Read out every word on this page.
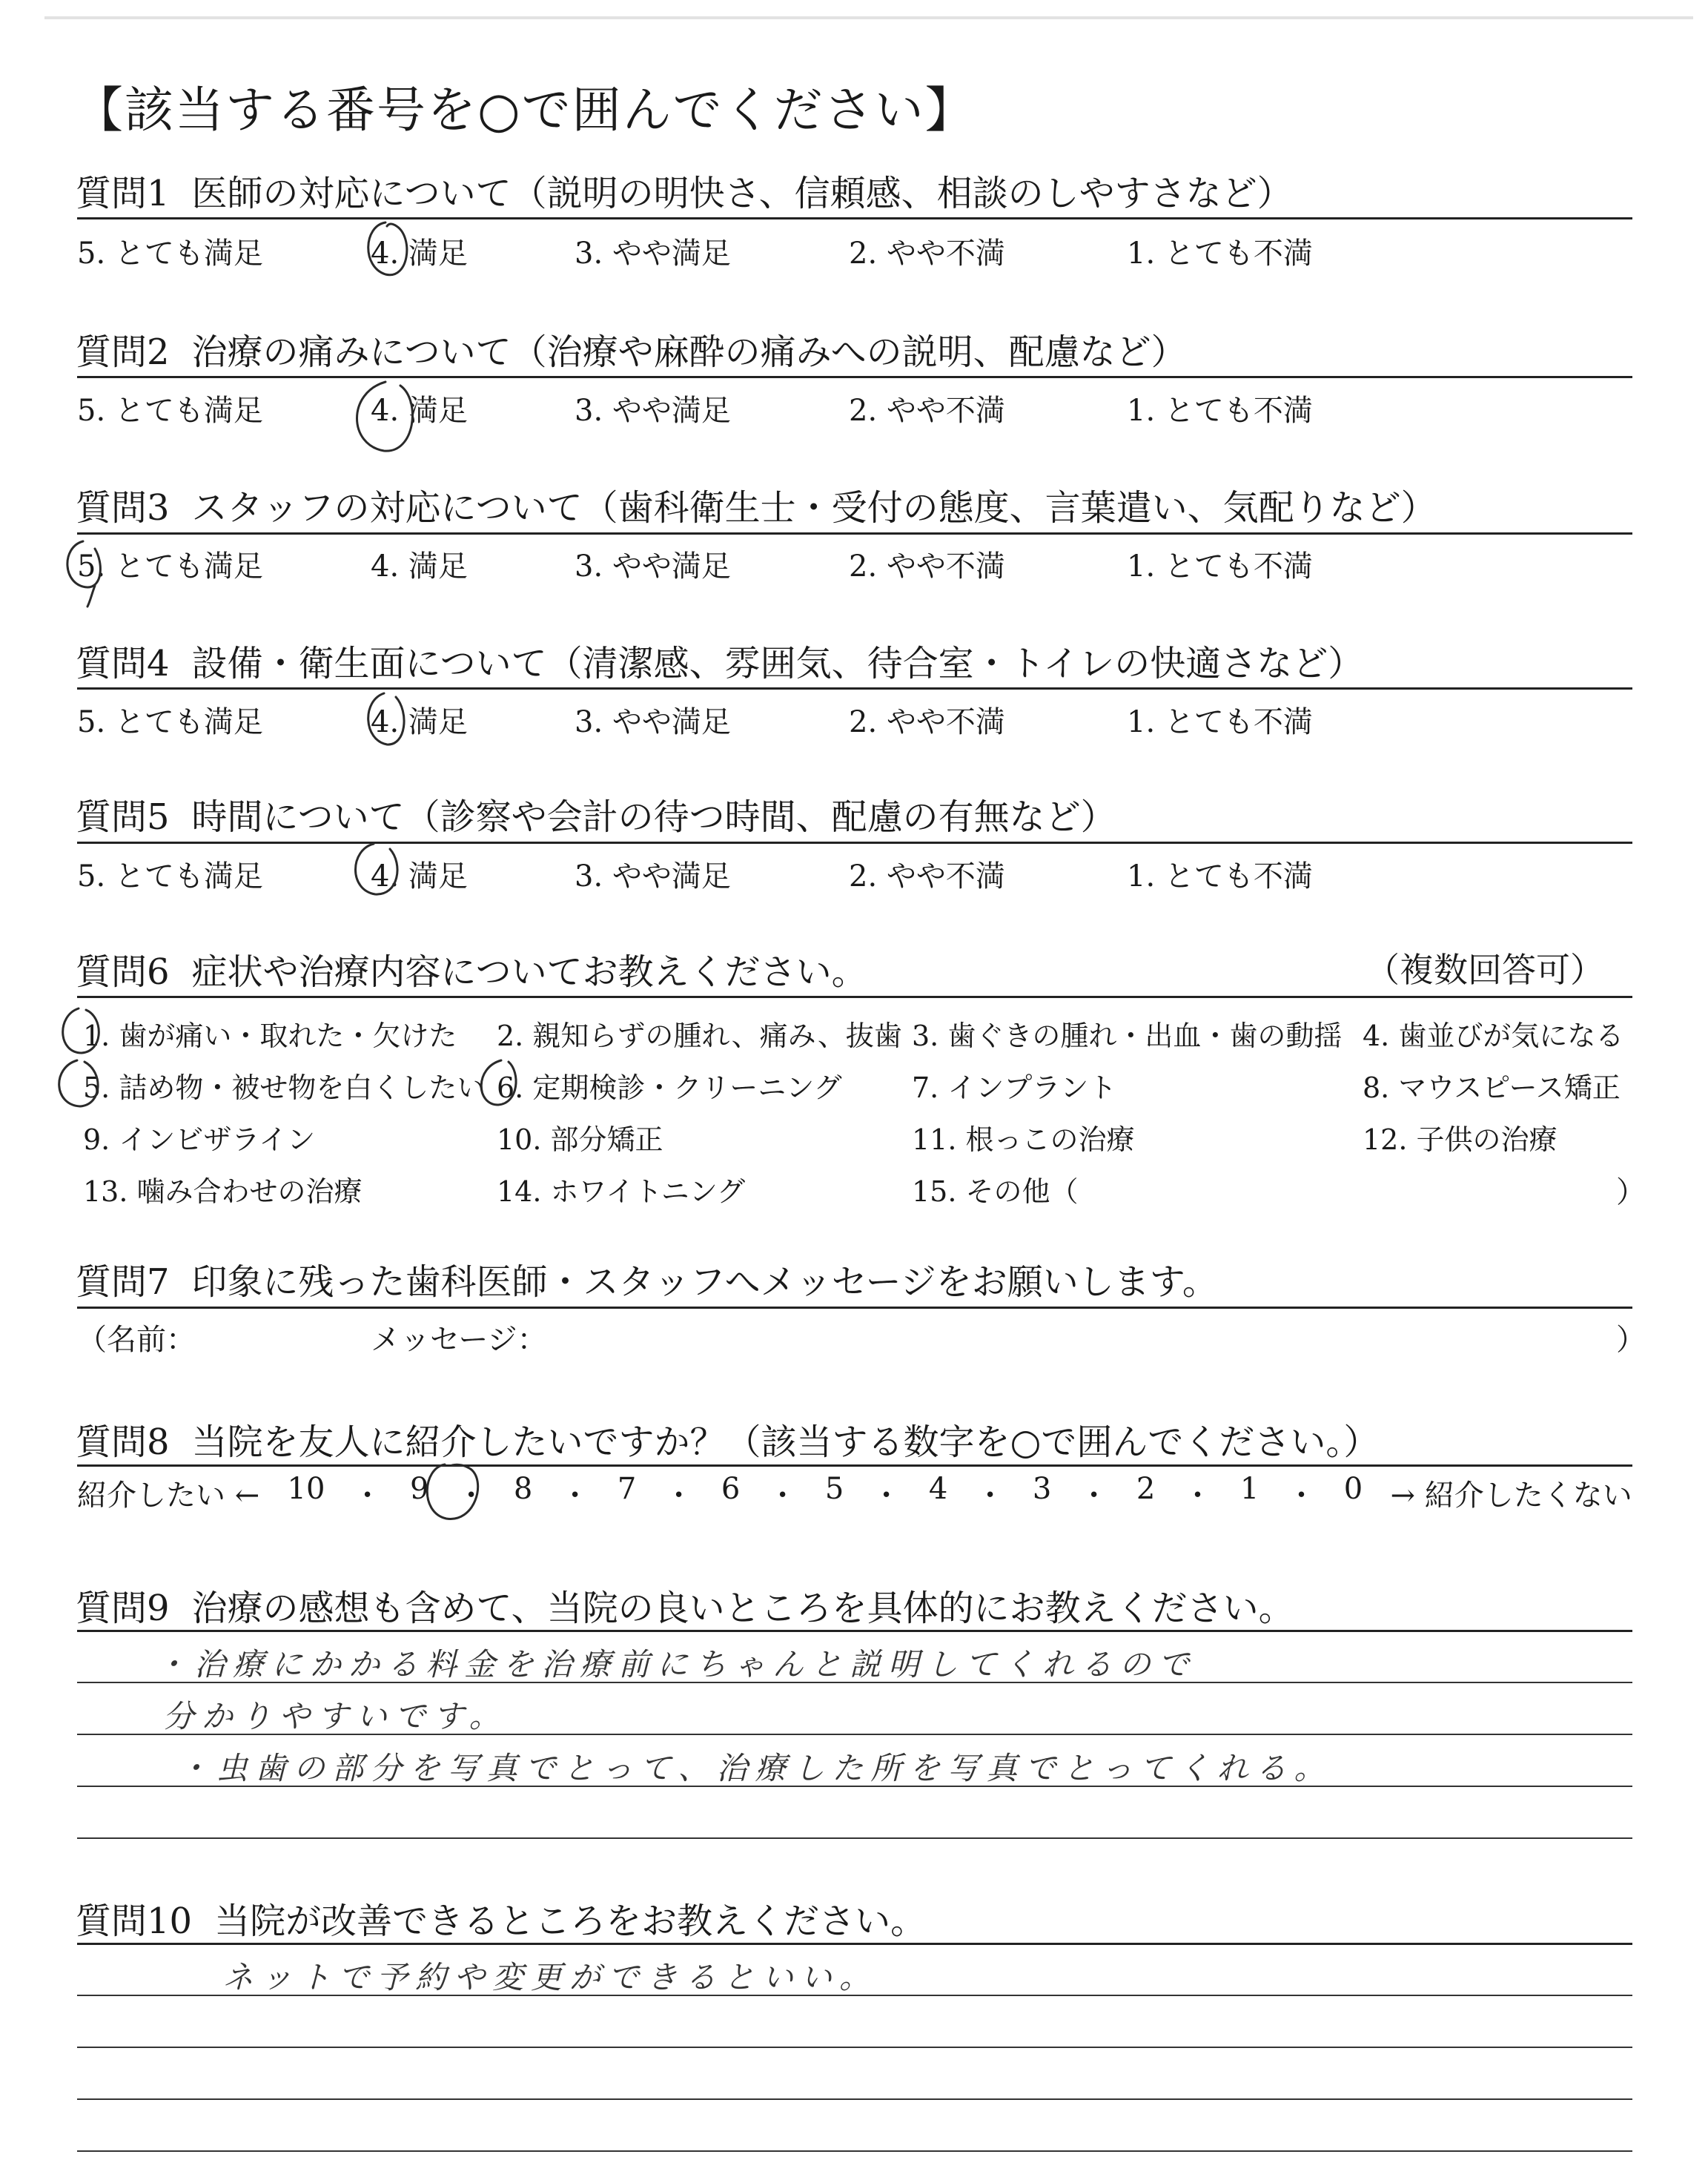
【該当する番号を○で囲んでください】
質問1 医師の対応について（説明の明快さ、信頼感、相談のしやすさなど）
5. とても満足	4. 満足	3. やや満足	2. やや不満	1. とても不満
質問2 治療の痛みについて（治療や麻酔の痛みへの説明、配慮など）
5. とても満足	4. 満足	3. やや満足	2. やや不満	1. とても不満
質問3 スタッフの対応について（歯科衛生士・受付の態度、言葉遣い、気配りなど）
5. とても満足	4. 満足	3. やや満足	2. やや不満	1. とても不満
質問4 設備・衛生面について（清潔感、雰囲気、待合室・トイレの快適さなど）
5. とても満足	4. 満足	3. やや満足	2. やや不満	1. とても不満
質問5 時間について（診察や会計の待つ時間、配慮の有無など）
5. とても満足	4. 満足	3. やや満足	2. やや不満	1. とても不満
質問6 症状や治療内容についてお教えください。	（複数回答可）
1. 歯が痛い・取れた・欠けた 2. 親知らずの腫れ、痛み、抜歯 3. 歯ぐきの腫れ・出血・歯の動揺 4. 歯並びが気になる
5. 詰め物・被せ物を白くしたい 6. 定期検診・クリーニング 7. インプラント	8. マウスピース矯正
9. インビザライン	10. 部分矯正	11. 根っこの治療	12. 子供の治療
13. 噛み合わせの治療	14. ホワイトニング	15. その他（	）
質問7 印象に残った歯科医師・スタッフへメッセージをお願いします。
（名前：	メッセージ：	）
質問8 当院を友人に紹介したいですか？（該当する数字を○で囲んでください。）
紹介したい ← 10 ・ 9 ・ 8 ・ 7 ・ 6 ・ 5 ・ 4 ・ 3 ・ 2 ・ 1 ・ 0 → 紹介したくない
質問9 治療の感想も含めて、当院の良いところを具体的にお教えください。
・治療にかかる料金を治療前にちゃんと説明してくれるので
分かりやすいです。
・虫歯の部分を写真でとって、治療した所を写真でとってくれる。
質問10 当院が改善できるところをお教えください。
ネットで予約や変更ができるといい。
